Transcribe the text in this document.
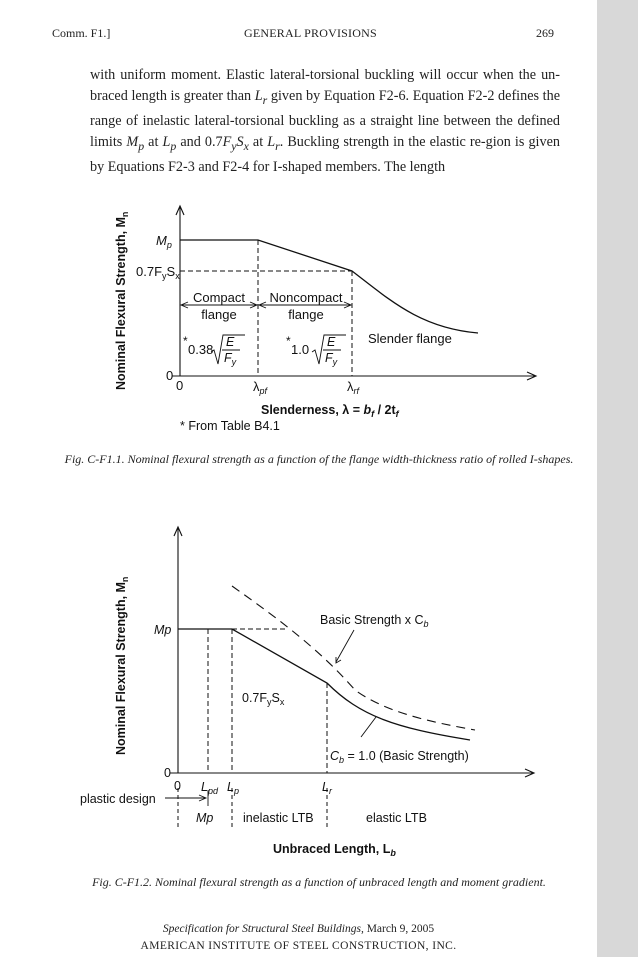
Comm. F1.]	GENERAL PROVISIONS	269

with uniform moment. Elastic lateral-torsional buckling will occur when the un-braced length is greater than $L_r$ given by Equation F2-6. Equation F2-2 defines the range of inelastic lateral-torsional buckling as a straight line between the defined limits $M_p$ at $L_p$ and $0.7F_yS_x$ at $L_r$. Buckling strength in the elastic re-gion is given by Equations F2-3 and F2-4 for I-shaped members. The length

Nominal Flexural Strength, $M_n$
$M_p$
$0.7F_yS_x$
0
0
Compact
flange
Noncompact
flange
Slender flange
*
0.38 E
$F_y$
*
1.0 E
$F_y$
$\lambda_{pf}$	$\lambda_{rf}$
Slenderness, $\lambda = b_f / 2t_f$
* From Table B4.1
Nominal Flexural Strength, $M_n$
Mp
Basic Strength x $C_b$
$0.7F_yS_x$
$C_b = 1.0$ (Basic Strength)
0
0 $L_{pd}$ $L_p$	$L_r$
plastic design
Mp inelastic LTB	elastic LTB
Unbraced Length, $L_b$

Fig. C-F1.1. Nominal flexural strength as a function of the flange width-thickness ratio of rolled I-shapes.

Fig. C-F1.2. Nominal flexural strength as a function of unbraced length and moment gradient.

Specification for Structural Steel Buildings, March 9, 2005
AMERICAN INSTITUTE OF STEEL CONSTRUCTION, INC.
